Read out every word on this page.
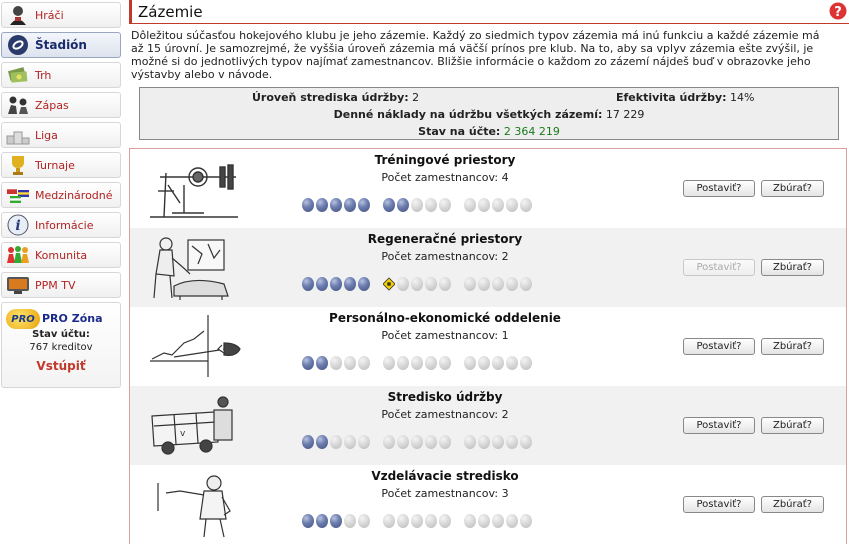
Hráči
Štadión
Trh
Zápas
Liga
Turnaje
Medzinárodné
i Informácie
Komunita
PPM TV
PRO PRO Zóna
Stav účtu:
767 kreditov
Vstúpiť
Zázemie	?
Dôležitou súčasťou hokejového klubu je jeho zázemie. Každý zo siedmich typov zázemia má inú funkciu a každé zázemie má až 15 úrovní. Je samozrejmé, že vyššia úroveň zázemia má väčší prínos pre klub. Na to, aby sa vplyv zázemia ešte zvýšil, je možné si do jednotlivých typov najímať zamestnancov. Bližšie informácie o každom zo zázemí nájdeš buď v obrazovke jeho výstavby alebo v návode.
Úroveň strediska údržby: 2	Efektivita údržby: 14%
Denné náklady na údržbu všetkých zázemí: 17 229
Stav na účte: 2 364 219
Tréningové priestory
Počet zamestnancov: 4
Postaviť?	Zbúrať?
Regeneračné priestory
Počet zamestnancov: 2
Postaviť?	Zbúrať?
Personálno-ekonomické oddelenie
Počet zamestnancov: 1
Postaviť?	Zbúrať?
v
Stredisko údržby
Počet zamestnancov: 2
Postaviť?	Zbúrať?
Vzdelávacie stredisko
Počet zamestnancov: 3
Postaviť?	Zbúrať?
